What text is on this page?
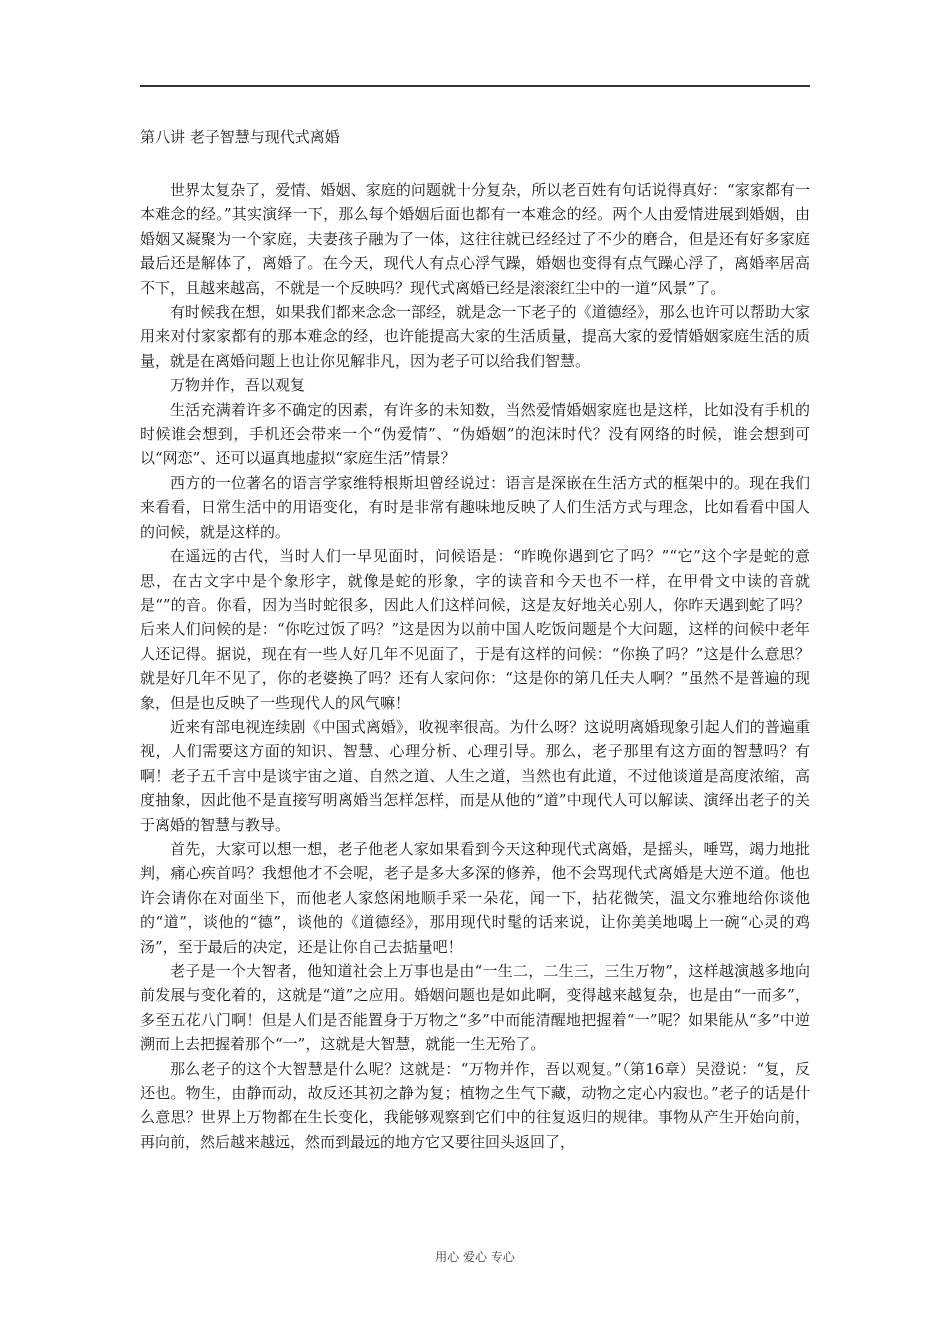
第八讲 老子智慧与现代式离婚

世界太复杂了，爱情、婚姻、家庭的问题就十分复杂，所以老百姓有句话说得真好：“家家都有一本难念的经。”其实演绎一下，那么每个婚姻后面也都有一本难念的经。两个人由爱情进展到婚姻，由婚姻又凝聚为一个家庭，夫妻孩子融为了一体，这往往就已经经过了不少的磨合，但是还有好多家庭最后还是解体了，离婚了。在今天，现代人有点心浮气躁，婚姻也变得有点气躁心浮了，离婚率居高不下，且越来越高，不就是一个反映吗？现代式离婚已经是滚滚红尘中的一道“风景”了。

有时候我在想，如果我们都来念念一部经，就是念一下老子的《道德经》，那么也许可以帮助大家用来对付家家都有的那本难念的经，也许能提高大家的生活质量，提高大家的爱情婚姻家庭生活的质量，就是在离婚问题上也让你见解非凡，因为老子可以给我们智慧。

万物并作，吾以观复

生活充满着许多不确定的因素，有许多的未知数，当然爱情婚姻家庭也是这样，比如没有手机的时候谁会想到，手机还会带来一个“伪爱情”、“伪婚姻”的泡沫时代？没有网络的时候，谁会想到可以“网恋”、还可以逼真地虚拟“家庭生活”情景？

西方的一位著名的语言学家维特根斯坦曾经说过：语言是深嵌在生活方式的框架中的。现在我们来看看，日常生活中的用语变化，有时是非常有趣味地反映了人们生活方式与理念，比如看看中国人的问候，就是这样的。

在遥远的古代，当时人们一早见面时，问候语是：“昨晚你遇到它了吗？”“它”这个字是蛇的意思，在古文字中是个象形字，就像是蛇的形象，字的读音和今天也不一样，在甲骨文中读的音就是“”的音。你看，因为当时蛇很多，因此人们这样问候，这是友好地关心别人，你昨天遇到蛇了吗？后来人们问候的是：“你吃过饭了吗？”这是因为以前中国人吃饭问题是个大问题，这样的问候中老年人还记得。据说，现在有一些人好几年不见面了，于是有这样的问候：“你换了吗？”这是什么意思？就是好几年不见了，你的老婆换了吗？还有人家问你：“这是你的第几任夫人啊？”虽然不是普遍的现象，但是也反映了一些现代人的风气嘛！

近来有部电视连续剧《中国式离婚》，收视率很高。为什么呀？这说明离婚现象引起人们的普遍重视，人们需要这方面的知识、智慧、心理分析、心理引导。那么，老子那里有这方面的智慧吗？有啊！老子五千言中是谈宇宙之道、自然之道、人生之道，当然也有此道，不过他谈道是高度浓缩，高度抽象，因此他不是直接写明离婚当怎样怎样，而是从他的“道”中现代人可以解读、演绎出老子的关于离婚的智慧与教导。

首先，大家可以想一想，老子他老人家如果看到今天这种现代式离婚，是摇头，唾骂，竭力地批判，痛心疾首吗？我想他才不会呢，老子是多大多深的修养，他不会骂现代式离婚是大逆不道。他也许会请你在对面坐下，而他老人家悠闲地顺手采一朵花，闻一下，拈花微笑，温文尔雅地给你谈他的“道”，谈他的“德”，谈他的《道德经》，那用现代时髦的话来说，让你美美地喝上一碗“心灵的鸡汤”，至于最后的决定，还是让你自己去掂量吧！

老子是一个大智者，他知道社会上万事也是由“一生二，二生三，三生万物”，这样越演越多地向前发展与变化着的，这就是“道”之应用。婚姻问题也是如此啊，变得越来越复杂，也是由“一而多”，多至五花八门啊！但是人们是否能置身于万物之“多”中而能清醒地把握着“一”呢？如果能从“多”中逆溯而上去把握着那个“一”，这就是大智慧，就能一生无殆了。

那么老子的这个大智慧是什么呢？这就是：“万物并作，吾以观复。”（第16章）吴澄说：“复，反还也。物生，由静而动，故反还其初之静为复；植物之生气下藏，动物之定心内寂也。”老子的话是什么意思？世界上万物都在生长变化，我能够观察到它们中的往复返归的规律。事物从产生开始向前，再向前，然后越来越远，然而到最远的地方它又要往回头返回了，

用心 爱心 专心
